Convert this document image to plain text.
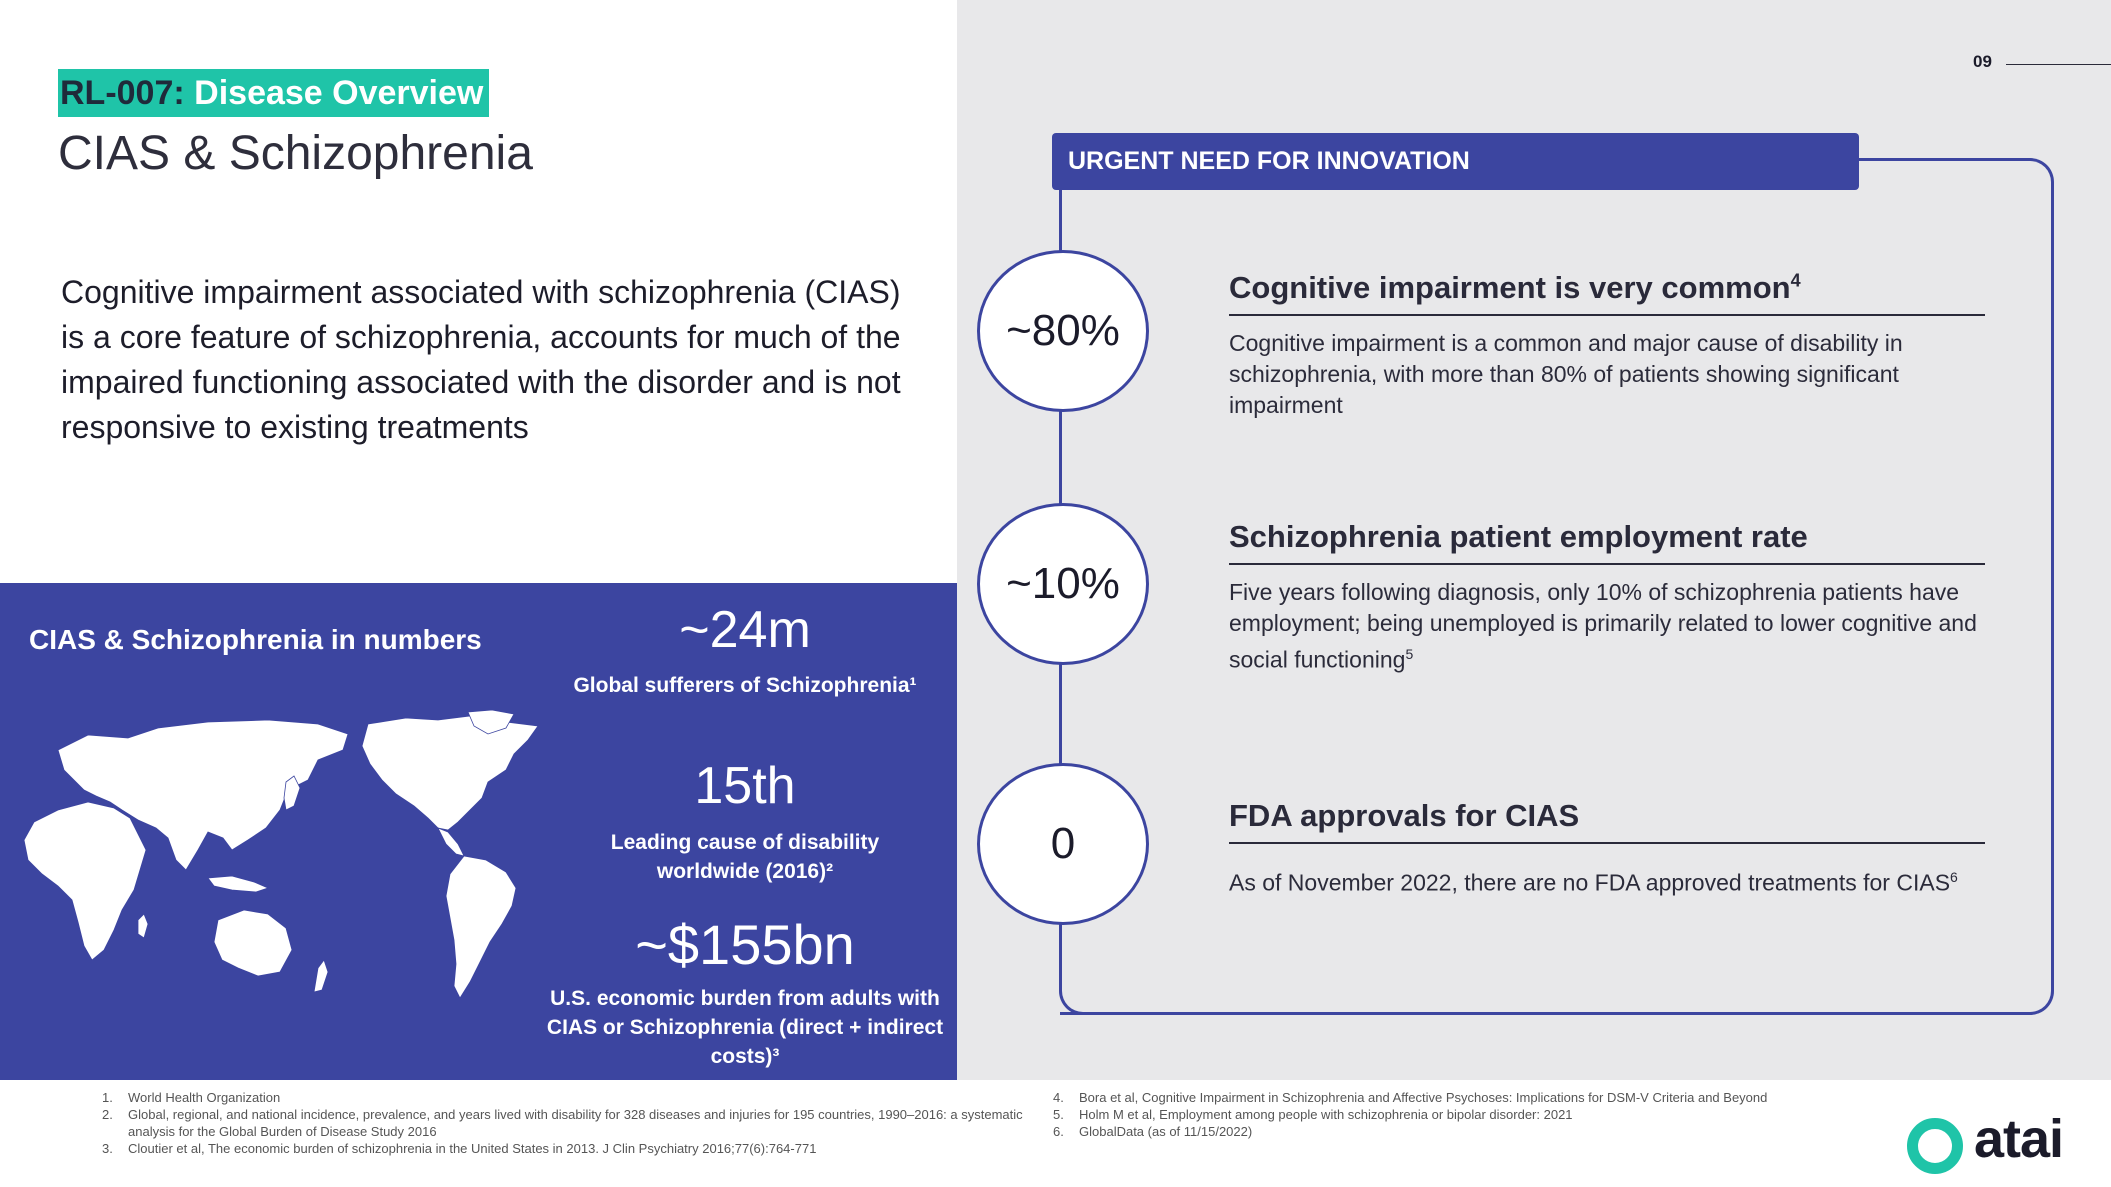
RL-007: Disease Overview
CIAS & Schizophrenia
Cognitive impairment associated with schizophrenia (CIAS) is a core feature of schizophrenia, accounts for much of the impaired functioning associated with the disorder and is not responsive to existing treatments
CIAS & Schizophrenia in numbers	~24m
Global sufferers of Schizophrenia¹
15th
Leading cause of disability worldwide (2016)²
~$155bn
U.S. economic burden from adults with CIAS or Schizophrenia (direct + indirect costs)³
09
URGENT NEED FOR INNOVATION
~80%
~10%
0
Cognitive impairment is very common$^4$
Cognitive impairment is a common and major cause of disability in schizophrenia, with more than 80% of patients showing significant impairment
Schizophrenia patient employment rate
Five years following diagnosis, only 10% of schizophrenia patients have employment; being unemployed is primarily related to lower cognitive and social functioning$^5$
FDA approvals for CIAS
As of November 2022, there are no FDA approved treatments for CIAS$^6$
1. World Health Organization
2. Global, regional, and national incidence, prevalence, and years lived with disability for 328 diseases and injuries for 195 countries, 1990–2016: a systematic analysis for the Global Burden of Disease Study 2016
3. Cloutier et al, The economic burden of schizophrenia in the United States in 2013. J Clin Psychiatry 2016;77(6):764-771
4. Bora et al, Cognitive Impairment in Schizophrenia and Affective Psychoses: Implications for DSM-V Criteria and Beyond
5. Holm M et al, Employment among people with schizophrenia or bipolar disorder: 2021
6. GlobalData (as of 11/15/2022)	atai
